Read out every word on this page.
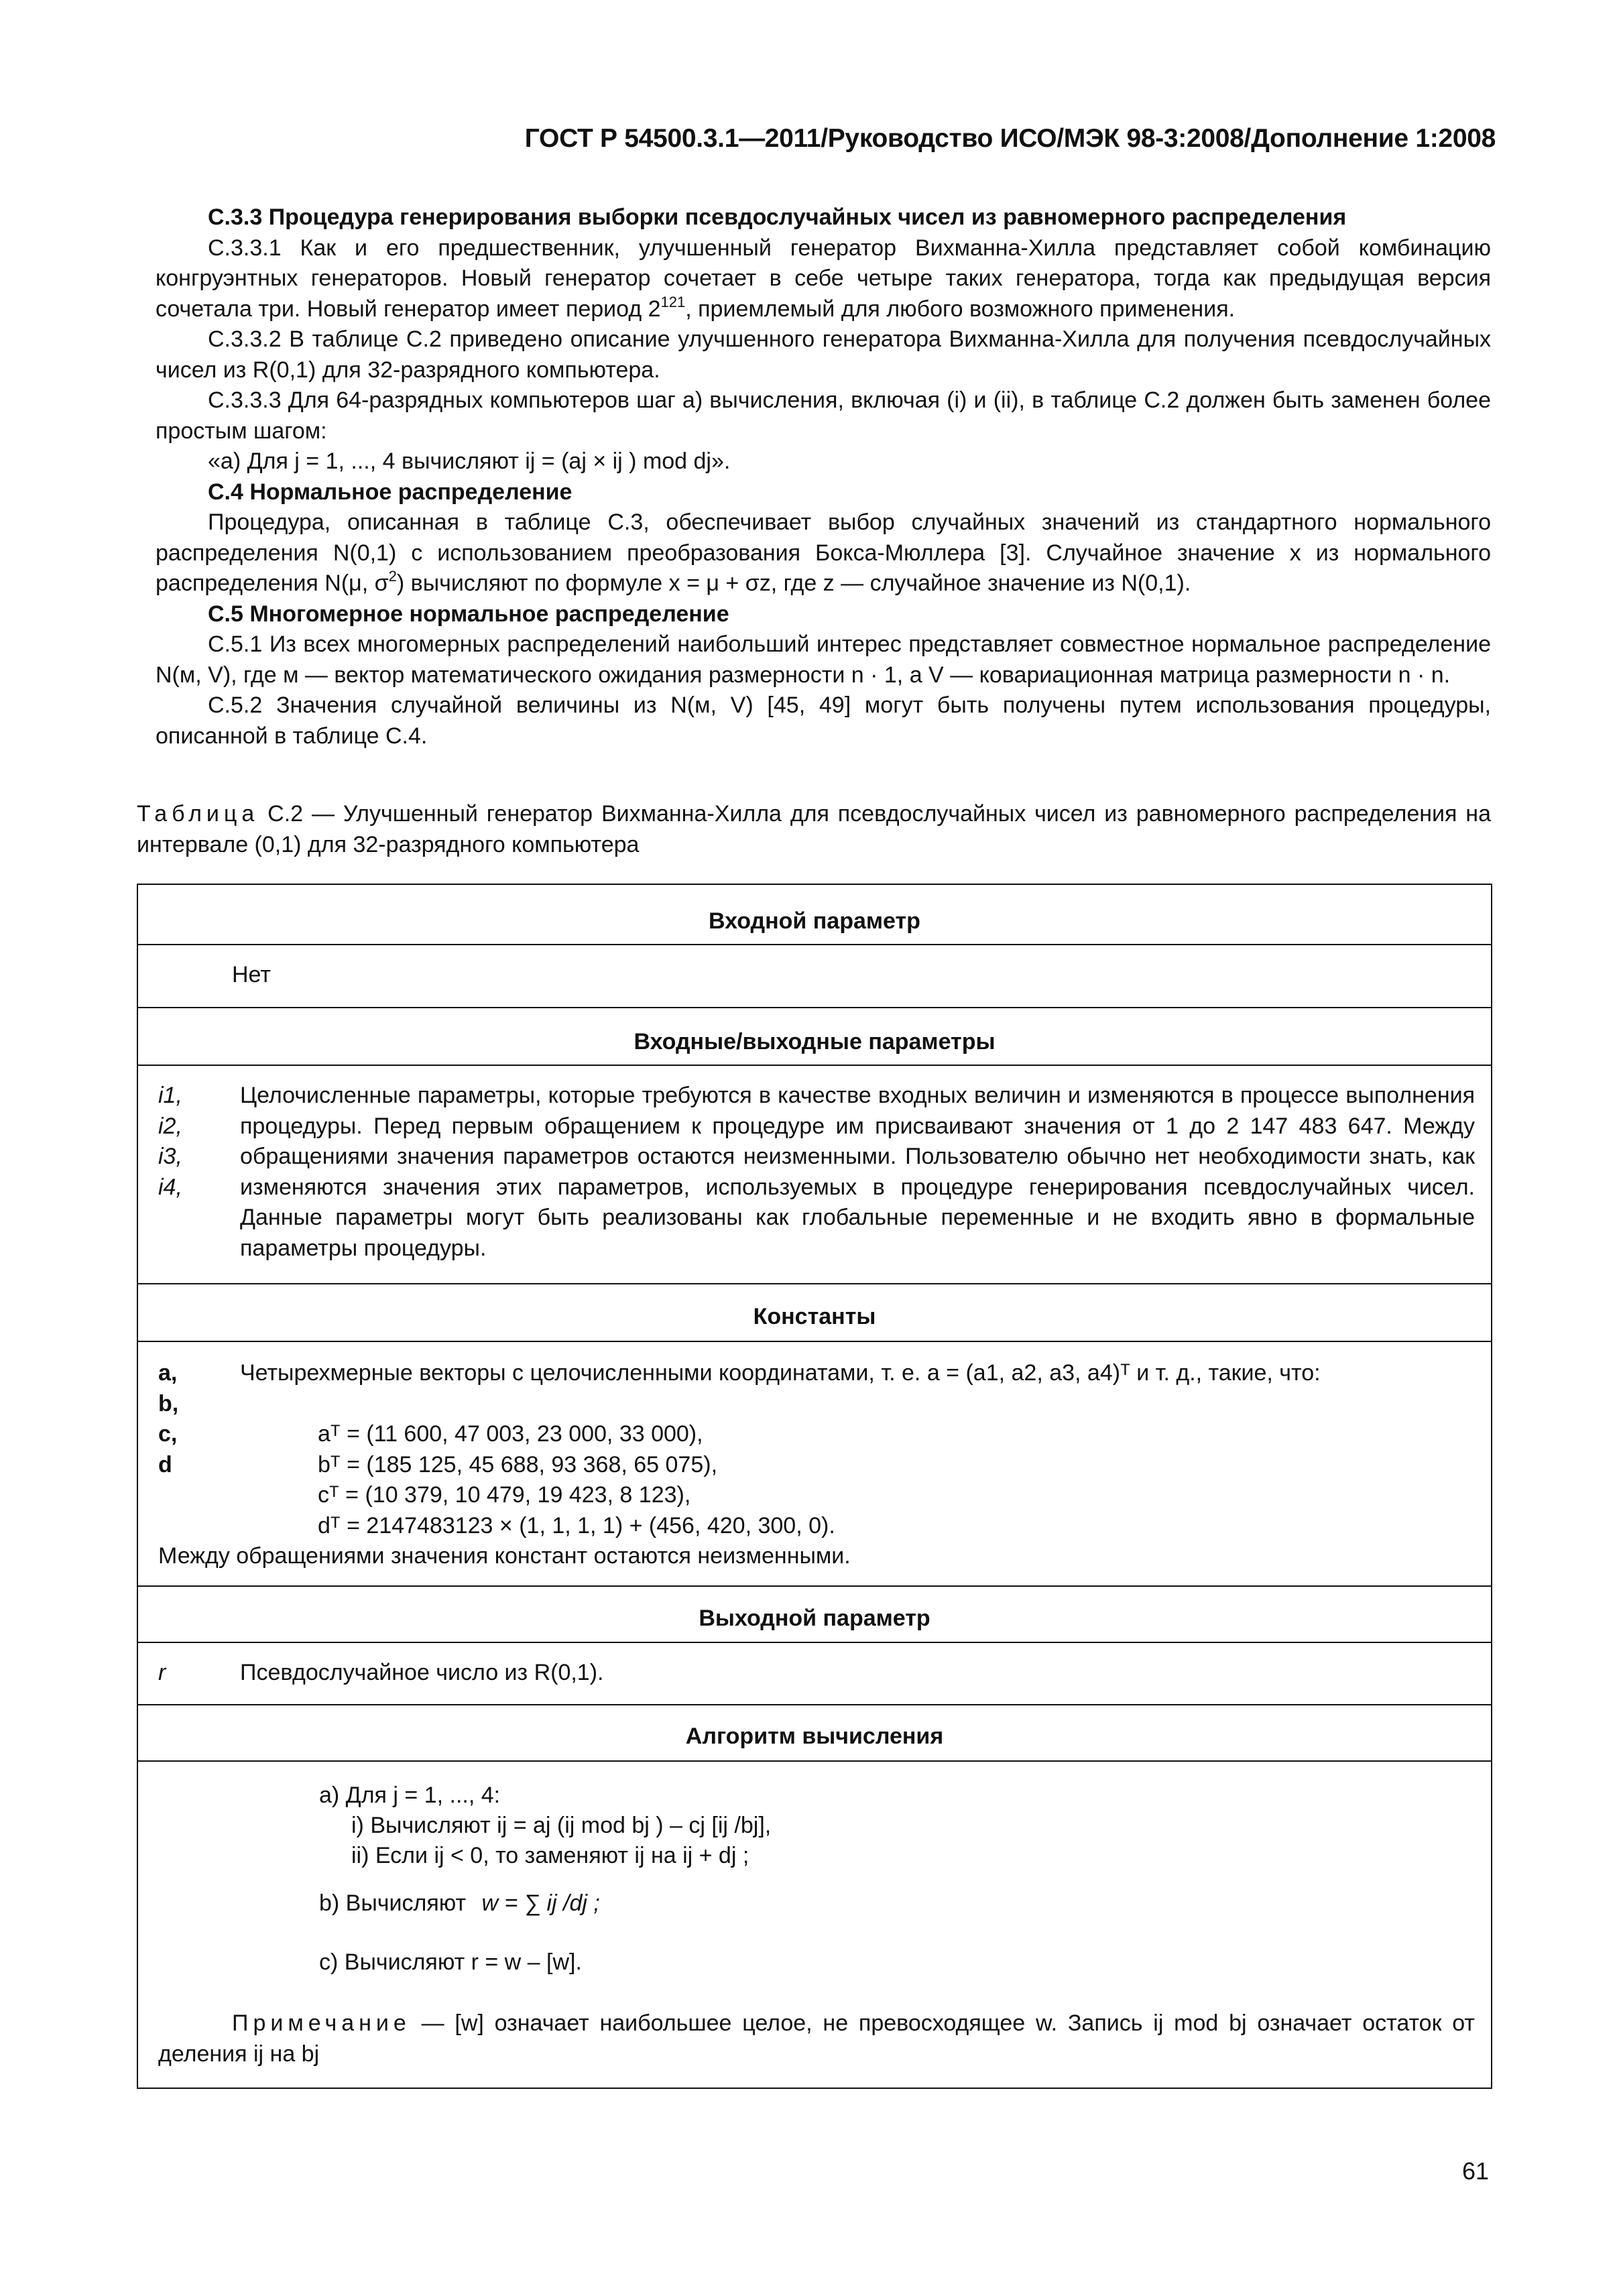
ГОСТ Р 54500.3.1—2011/Руководство ИСО/МЭК 98-3:2008/Дополнение 1:2008

С.3.3 Процедура генерирования выборки псевдослучайных чисел из равномерного распределения

С.3.3.1 Как и его предшественник, улучшенный генератор Вихманна-Хилла представляет собой комбинацию конгруэнтных генераторов. Новый генератор сочетает в себе четыре таких генератора, тогда как предыдущая версия сочетала три. Новый генератор имеет период $2^{121}$, приемлемый для любого возможного применения.

С.3.3.2 В таблице С.2 приведено описание улучшенного генератора Вихманна-Хилла для получения псевдослучайных чисел из R(0,1) для 32-разрядного компьютера.

С.3.3.3 Для 64-разрядных компьютеров шаг а) вычисления, включая (i) и (ii), в таблице С.2 должен быть заменен более простым шагом:

«а) Для j = 1, ..., 4 вычисляют ij = (aj × ij ) mod dj».

С.4 Нормальное распределение

Процедура, описанная в таблице С.3, обеспечивает выбор случайных значений из стандартного нормального распределения N(0,1) с использованием преобразования Бокса-Мюллера [3]. Случайное значение x из нормального распределения N(μ, $\sigma^2$) вычисляют по формуле x = μ + σz, где z — случайное значение из N(0,1).

С.5 Многомерное нормальное распределение

С.5.1 Из всех многомерных распределений наибольший интерес представляет совместное нормальное распределение N(м, V), где м — вектор математического ожидания размерности n · 1, а V — ковариационная матрица размерности n · n.

С.5.2 Значения случайной величины из N(м, V) [45, 49] могут быть получены путем использования процедуры, описанной в таблице С.4.

Таблица С.2 — Улучшенный генератор Вихманна-Хилла для псевдослучайных чисел из равномерного распределения на интервале (0,1) для 32-разрядного компьютера
Входной параметр
Нет
Входные/выходные параметры
i1,
i2,
i3,
i4,
Целочисленные параметры, которые требуются в качестве входных величин и изменяются в процессе выполнения процедуры. Перед первым обращением к процедуре им присваивают значения от 1 до 2 147 483 647. Между обращениями значения параметров остаются неизменными. Пользователю обычно нет необходимости знать, как изменяются значения этих параметров, используемых в процедуре генерирования псевдослучайных чисел. Данные параметры могут быть реализованы как глобальные переменные и не входить явно в формальные параметры процедуры.
Константы
a,
b,
c,
d
Четырехмерные векторы с целочисленными координатами, т. е. a = (a1, a2, a3, a4)ᵀ и т. д., такие, что:
aᵀ = (11 600, 47 003, 23 000, 33 000),
bᵀ = (185 125, 45 688, 93 368, 65 075),
cᵀ = (10 379, 10 479, 19 423, 8 123),
dᵀ = 2147483123 × (1, 1, 1, 1) + (456, 420, 300, 0).
Между обращениями значения констант остаются неизменными.
Выходной параметр
r	Псевдослучайное число из R(0,1).
Алгоритм вычисления
а) Для j = 1, ..., 4:
i) Вычисляют ij = aj (ij mod bj ) – cj [ij /bj],
ii) Если ij < 0, то заменяют ij на ij + dj ;
b) Вычисляют w = ∑ ij /dj ;
c) Вычисляют r = w – [w].
Примечание — [w] означает наибольшее целое, не превосходящее w. Запись ij mod bj означает остаток от деления ij на bj
61
